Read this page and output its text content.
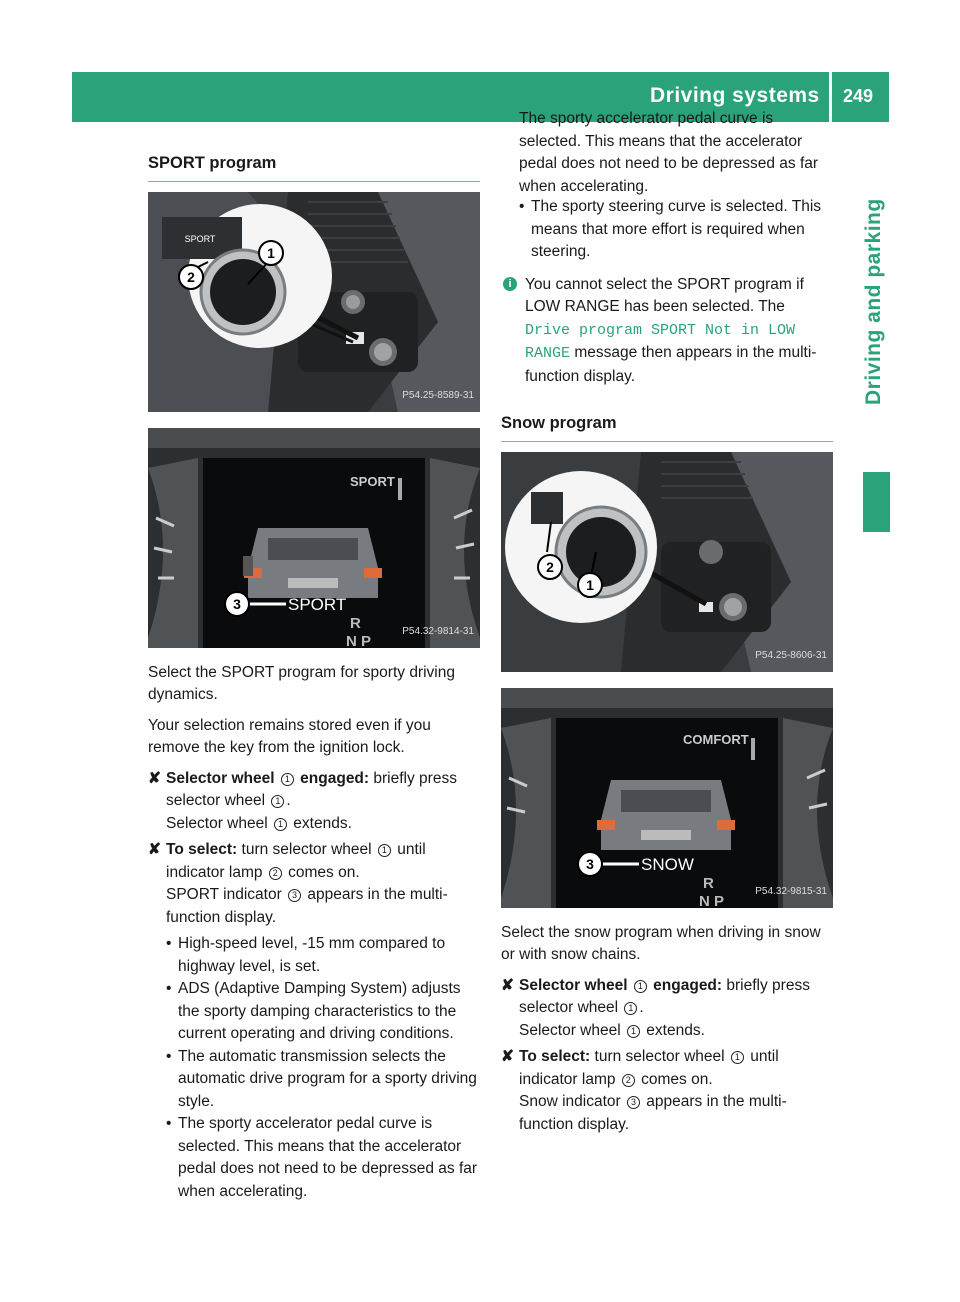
Driving systems 249
Driving and parking
SPORT program
SPORT
1
2
P54.25-8589-31
SPORT
SPORT
R
N P
3
P54.32-9814-31

Select the SPORT program for sporty driving dynamics.

Your selection remains stored even if you remove the key from the ignition lock.

✘ Selector wheel 1 engaged: briefly press selector wheel 1 .
Selector wheel 1 extends.
✘ To select: turn selector wheel 1 until indicator lamp 2 comes on.
SPORT indicator 3 appears in the multi-function display.
• High-speed level, -15 mm compared to highway level, is set.
• ADS (Adaptive Damping System) adjusts the sporty damping characteristics to the current operating and driving conditions.
• The automatic transmission selects the automatic drive program for a sporty driving style.
• The sporty accelerator pedal curve is selected. This means that the accelerator pedal does not need to be depressed as far when accelerating.
The sporty accelerator pedal curve is selected. This means that the accelerator pedal does not need to be depressed as far when accelerating.
• The sporty steering curve is selected. This means that more effort is required when steering.
i You cannot select the SPORT program if LOW RANGE has been selected. The Drive program SPORT Not in LOW RANGE message then appears in the multi-function display.
Snow program
1
2
P54.25-8606-31
COMFORT
SNOW
R
N P
3
P54.32-9815-31

Select the snow program when driving in snow or with snow chains.

✘ Selector wheel 1 engaged: briefly press selector wheel 1 .
Selector wheel 1 extends.
✘ To select: turn selector wheel 1 until indicator lamp 2 comes on.
Snow indicator 3 appears in the multi-function display.
